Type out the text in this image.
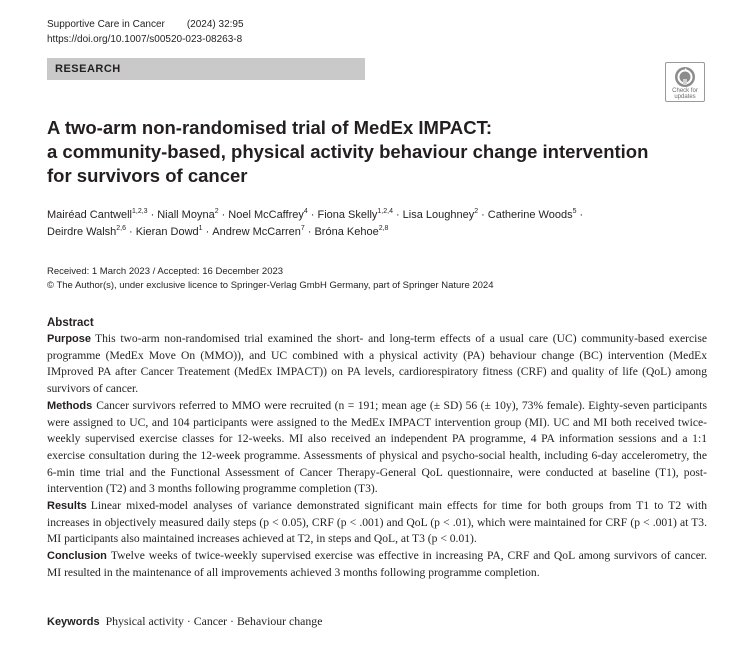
Supportive Care in Cancer (2024) 32:95
https://doi.org/10.1007/s00520-023-08263-8
RESEARCH
Check for
updates
A two-arm non-randomised trial of MedEx IMPACT:
a community-based, physical activity behaviour change intervention
for survivors of cancer
Mairéad Cantwell$^{1,2,3}$ · Niall Moyna$^2$ · Noel McCaffrey$^4$ · Fiona Skelly$^{1,2,4}$ · Lisa Loughney$^2$ · Catherine Woods$^5$ ·
Deirdre Walsh$^{2,6}$ · Kieran Dowd$^1$ · Andrew McCarren$^7$ · Bróna Kehoe$^{2,8}$
Received: 1 March 2023 / Accepted: 16 December 2023
© The Author(s), under exclusive licence to Springer-Verlag GmbH Germany, part of Springer Nature 2024
Abstract

Purpose This two-arm non-randomised trial examined the short- and long-term effects of a usual care (UC) community-based exercise programme (MedEx Move On (MMO)), and UC combined with a physical activity (PA) behaviour change (BC) intervention (MedEx IMproved PA after Cancer Treatement (MedEx IMPACT)) on PA levels, cardiorespiratory fitness (CRF) and quality of life (QoL) among survivors of cancer.

Methods Cancer survivors referred to MMO were recruited (n = 191; mean age (± SD) 56 (± 10y), 73% female). Eighty-seven participants were assigned to UC, and 104 participants were assigned to the MedEx IMPACT intervention group (MI). UC and MI both received twice-weekly supervised exercise classes for 12-weeks. MI also received an independent PA programme, 4 PA information sessions and a 1:1 exercise consultation during the 12-week programme. Assessments of physical and psycho-social health, including 6-day accelerometry, the 6-min time trial and the Functional Assessment of Cancer Therapy-General QoL questionnaire, were conducted at baseline (T1), post-intervention (T2) and 3 months following programme completion (T3).

Results Linear mixed-model analyses of variance demonstrated significant main effects for time for both groups from T1 to T2 with increases in objectively measured daily steps (p < 0.05), CRF (p < .001) and QoL (p < .01), which were maintained for CRF (p < .001) at T3. MI participants also maintained increases achieved at T2, in steps and QoL, at T3 (p < 0.01).

Conclusion Twelve weeks of twice-weekly supervised exercise was effective in increasing PA, CRF and QoL among survivors of cancer. MI resulted in the maintenance of all improvements achieved 3 months following programme completion.

Keywords Physical activity · Cancer · Behaviour change
